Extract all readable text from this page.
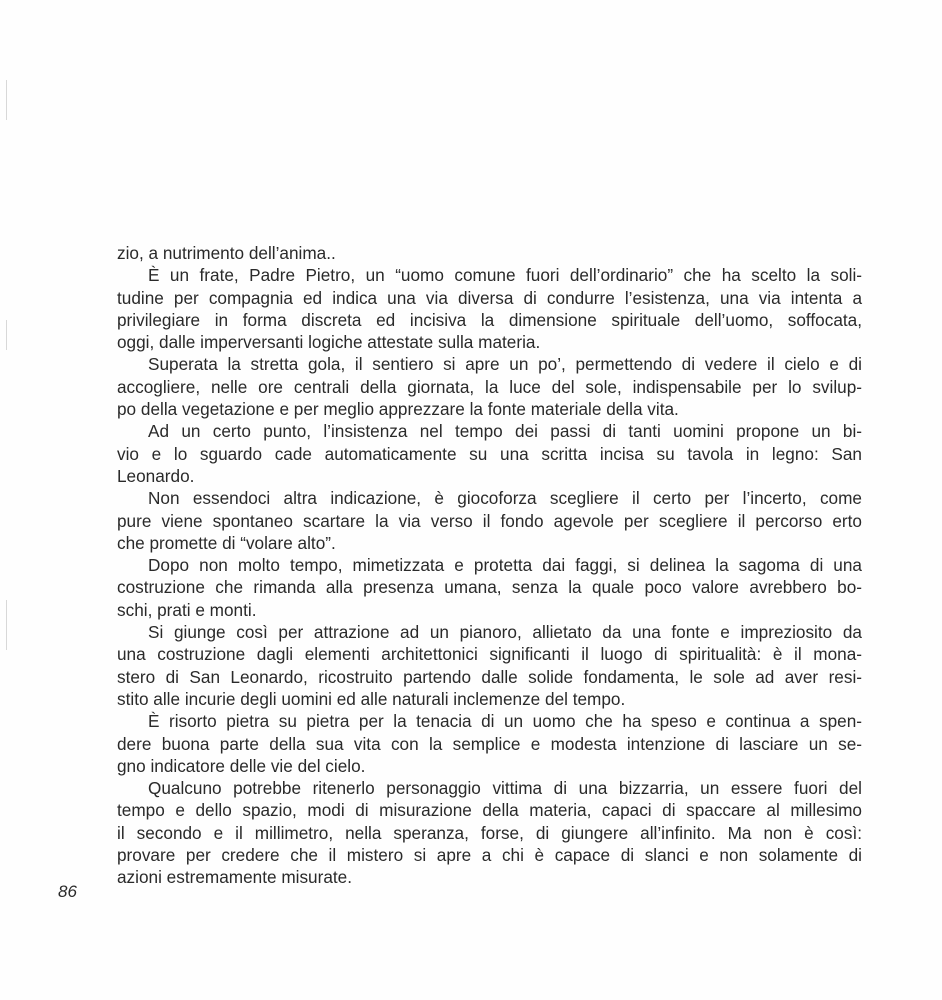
zio, a nutrimento dell’anima..
È un frate, Padre Pietro, un “uomo comune fuori dell’ordinario” che ha scelto la soli-
tudine per compagnia ed indica una via diversa di condurre l’esistenza, una via intenta a
privilegiare in forma discreta ed incisiva la dimensione spirituale dell’uomo, soffocata,
oggi, dalle imperversanti logiche attestate sulla materia.
Superata la stretta gola, il sentiero si apre un po’, permettendo di vedere il cielo e di
accogliere, nelle ore centrali della giornata, la luce del sole, indispensabile per lo svilup-
po della vegetazione e per meglio apprezzare la fonte materiale della vita.
Ad un certo punto, l’insistenza nel tempo dei passi di tanti uomini propone un bi-
vio e lo sguardo cade automaticamente su una scritta incisa su tavola in legno: San
Leonardo.
Non essendoci altra indicazione, è giocoforza scegliere il certo per l’incerto, come
pure viene spontaneo scartare la via verso il fondo agevole per scegliere il percorso erto
che promette di “volare alto”.
Dopo non molto tempo, mimetizzata e protetta dai faggi, si delinea la sagoma di una
costruzione che rimanda alla presenza umana, senza la quale poco valore avrebbero bo-
schi, prati e monti.
Si giunge così per attrazione ad un pianoro, allietato da una fonte e impreziosito da
una costruzione dagli elementi architettonici significanti il luogo di spiritualità: è il mona-
stero di San Leonardo, ricostruito partendo dalle solide fondamenta, le sole ad aver resi-
stito alle incurie degli uomini ed alle naturali inclemenze del tempo.
È risorto pietra su pietra per la tenacia di un uomo che ha speso e continua a spen-
dere buona parte della sua vita con la semplice e modesta intenzione di lasciare un se-
gno indicatore delle vie del cielo.
Qualcuno potrebbe ritenerlo personaggio vittima di una bizzarria, un essere fuori del
tempo e dello spazio, modi di misurazione della materia, capaci di spaccare al millesimo
il secondo e il millimetro, nella speranza, forse, di giungere all’infinito. Ma non è così:
provare per credere che il mistero si apre a chi è capace di slanci e non solamente di
azioni estremamente misurate.
86
